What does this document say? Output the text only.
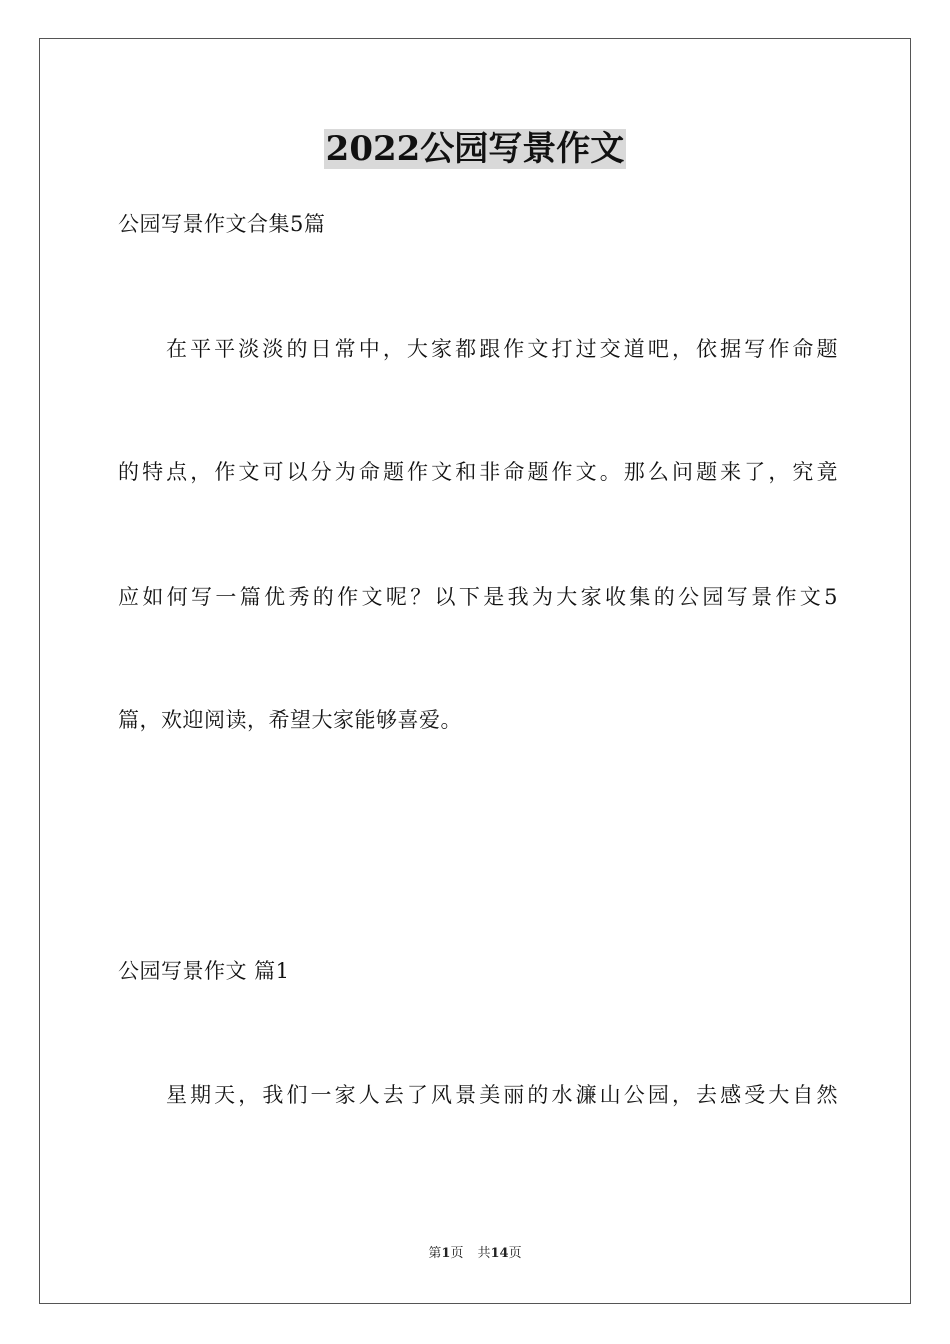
2022公园写景作文
公园写景作文合集5篇
在平平淡淡的日常中，大家都跟作文打过交道吧，依据写作命题
的特点，作文可以分为命题作文和非命题作文。那么问题来了，究竟
应如何写一篇优秀的作文呢？以下是我为大家收集的公园写景作文5
篇，欢迎阅读，希望大家能够喜爱。
公园写景作文 篇1
星期天，我们一家人去了风景美丽的水濂山公园，去感受大自然
第1页 共14页
